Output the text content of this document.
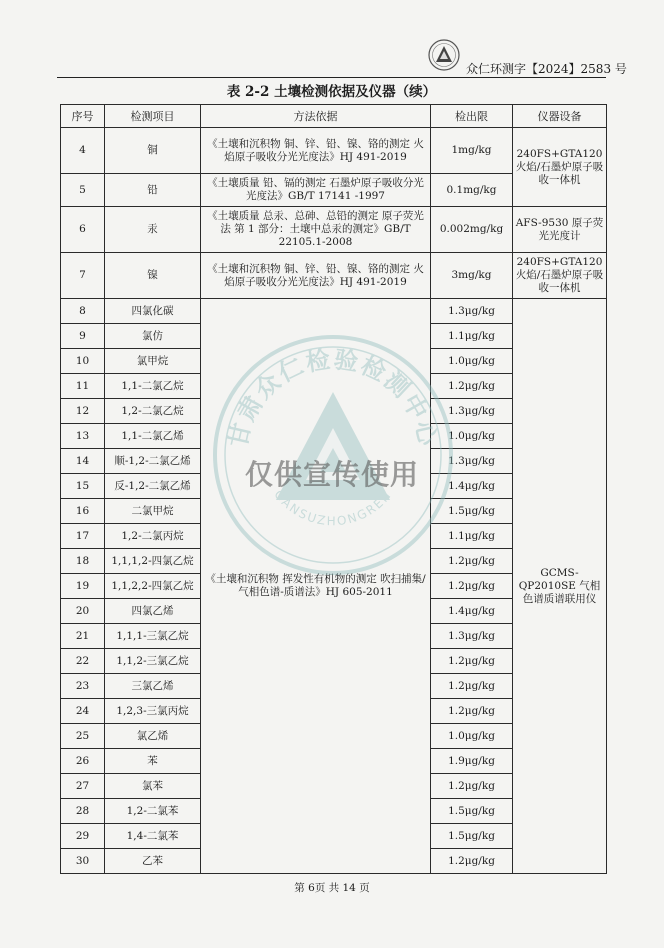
众仁环测字【2024】2583 号
表 2-2 土壤检测依据及仪器（续）
序号	检测项目	方法依据	检出限	仪器设备
4	铜	《土壤和沉积物 铜、锌、铅、镍、铬的测定 火焰原子吸收分光光度法》HJ 491-2019	1mg/kg	240FS+GTA120 火焰/石墨炉原子吸收一体机
5	铅	《土壤质量 铅、镉的测定 石墨炉原子吸收分光光度法》GB/T 17141 -1997	0.1mg/kg	
6	汞	《土壤质量 总汞、总砷、总铅的测定 原子荧光法 第 1 部分：土壤中总汞的测定》GB/T 22105.1-2008	0.002mg/kg	AFS-9530 原子荧光光度计
7	镍	《土壤和沉积物 铜、锌、铅、镍、铬的测定 火焰原子吸收分光光度法》HJ 491-2019	3mg/kg	240FS+GTA120 火焰/石墨炉原子吸收一体机
8	四氯化碳	《土壤和沉积物 挥发性有机物的测定 吹扫捕集/气相色谱-质谱法》HJ 605-2011	1.3μg/kg	GCMS-QP2010SE 气相色谱质谱联用仪
9	氯仿		1.1μg/kg	
10	氯甲烷		1.0μg/kg	
11	1,1-二氯乙烷		1.2μg/kg	
12	1,2-二氯乙烷		1.3μg/kg	
13	1,1-二氯乙烯		1.0μg/kg	
14	顺-1,2-二氯乙烯		1.3μg/kg	
15	反-1,2-二氯乙烯		1.4μg/kg	
16	二氯甲烷		1.5μg/kg	
17	1,2-二氯丙烷		1.1μg/kg	
18	1,1,1,2-四氯乙烷		1.2μg/kg	
19	1,1,2,2-四氯乙烷		1.2μg/kg	
20	四氯乙烯		1.4μg/kg	
21	1,1,1-三氯乙烷		1.3μg/kg	
22	1,1,2-三氯乙烷		1.2μg/kg	
23	三氯乙烯		1.2μg/kg	
24	1,2,3-三氯丙烷		1.2μg/kg	
25	氯乙烯		1.0μg/kg	
26	苯		1.9μg/kg	
27	氯苯		1.2μg/kg	
28	1,2-二氯苯		1.5μg/kg	
29	1,4-二氯苯		1.5μg/kg	
30	乙苯		1.2μg/kg	
甘肃众仁检验检测中心
GANSUZHONGREN
仅供宣传使用
第 6页 共 14 页
